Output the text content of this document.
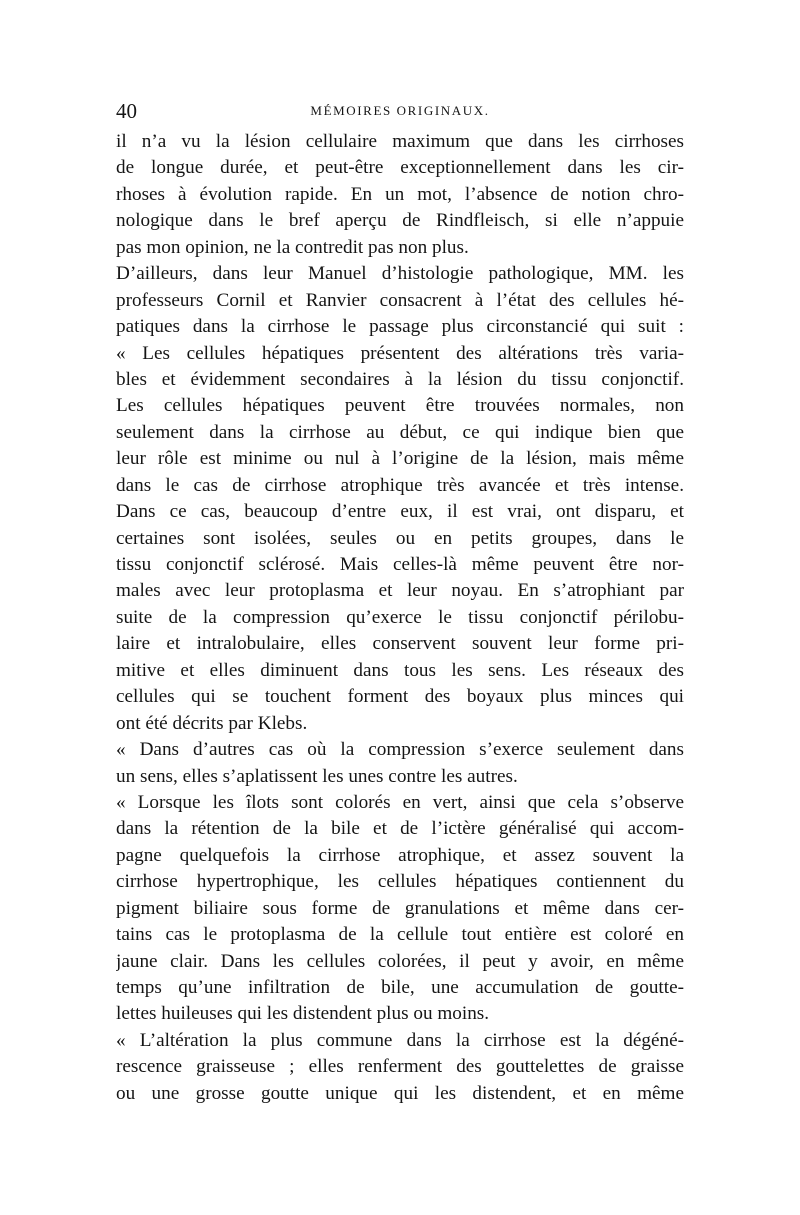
40	MÉMOIRES ORIGINAUX.
il n’a vu la lésion cellulaire maximum que dans les cirrhoses
de longue durée, et peut-être exceptionnellement dans les cir-
rhoses à évolution rapide. En un mot, l’absence de notion chro-
nologique dans le bref aperçu de Rindfleisch, si elle n’appuie
pas mon opinion, ne la contredit pas non plus.
D’ailleurs, dans leur Manuel d’histologie pathologique, MM. les
professeurs Cornil et Ranvier consacrent à l’état des cellules hé-
patiques dans la cirrhose le passage plus circonstancié qui suit :
« Les cellules hépatiques présentent des altérations très varia-
bles et évidemment secondaires à la lésion du tissu conjonctif.
Les cellules hépatiques peuvent être trouvées normales, non
seulement dans la cirrhose au début, ce qui indique bien que
leur rôle est minime ou nul à l’origine de la lésion, mais même
dans le cas de cirrhose atrophique très avancée et très intense.
Dans ce cas, beaucoup d’entre eux, il est vrai, ont disparu, et
certaines sont isolées, seules ou en petits groupes, dans le
tissu conjonctif sclérosé. Mais celles-là même peuvent être nor-
males avec leur protoplasma et leur noyau. En s’atrophiant par
suite de la compression qu’exerce le tissu conjonctif périlobu-
laire et intralobulaire, elles conservent souvent leur forme pri-
mitive et elles diminuent dans tous les sens. Les réseaux des
cellules qui se touchent forment des boyaux plus minces qui
ont été décrits par Klebs.
« Dans d’autres cas où la compression s’exerce seulement dans
un sens, elles s’aplatissent les unes contre les autres.
« Lorsque les îlots sont colorés en vert, ainsi que cela s’observe
dans la rétention de la bile et de l’ictère généralisé qui accom-
pagne quelquefois la cirrhose atrophique, et assez souvent la
cirrhose hypertrophique, les cellules hépatiques contiennent du
pigment biliaire sous forme de granulations et même dans cer-
tains cas le protoplasma de la cellule tout entière est coloré en
jaune clair. Dans les cellules colorées, il peut y avoir, en même
temps qu’une infiltration de bile, une accumulation de goutte-
lettes huileuses qui les distendent plus ou moins.
« L’altération la plus commune dans la cirrhose est la dégéné-
rescence graisseuse ; elles renferment des gouttelettes de graisse
ou une grosse goutte unique qui les distendent, et en même
